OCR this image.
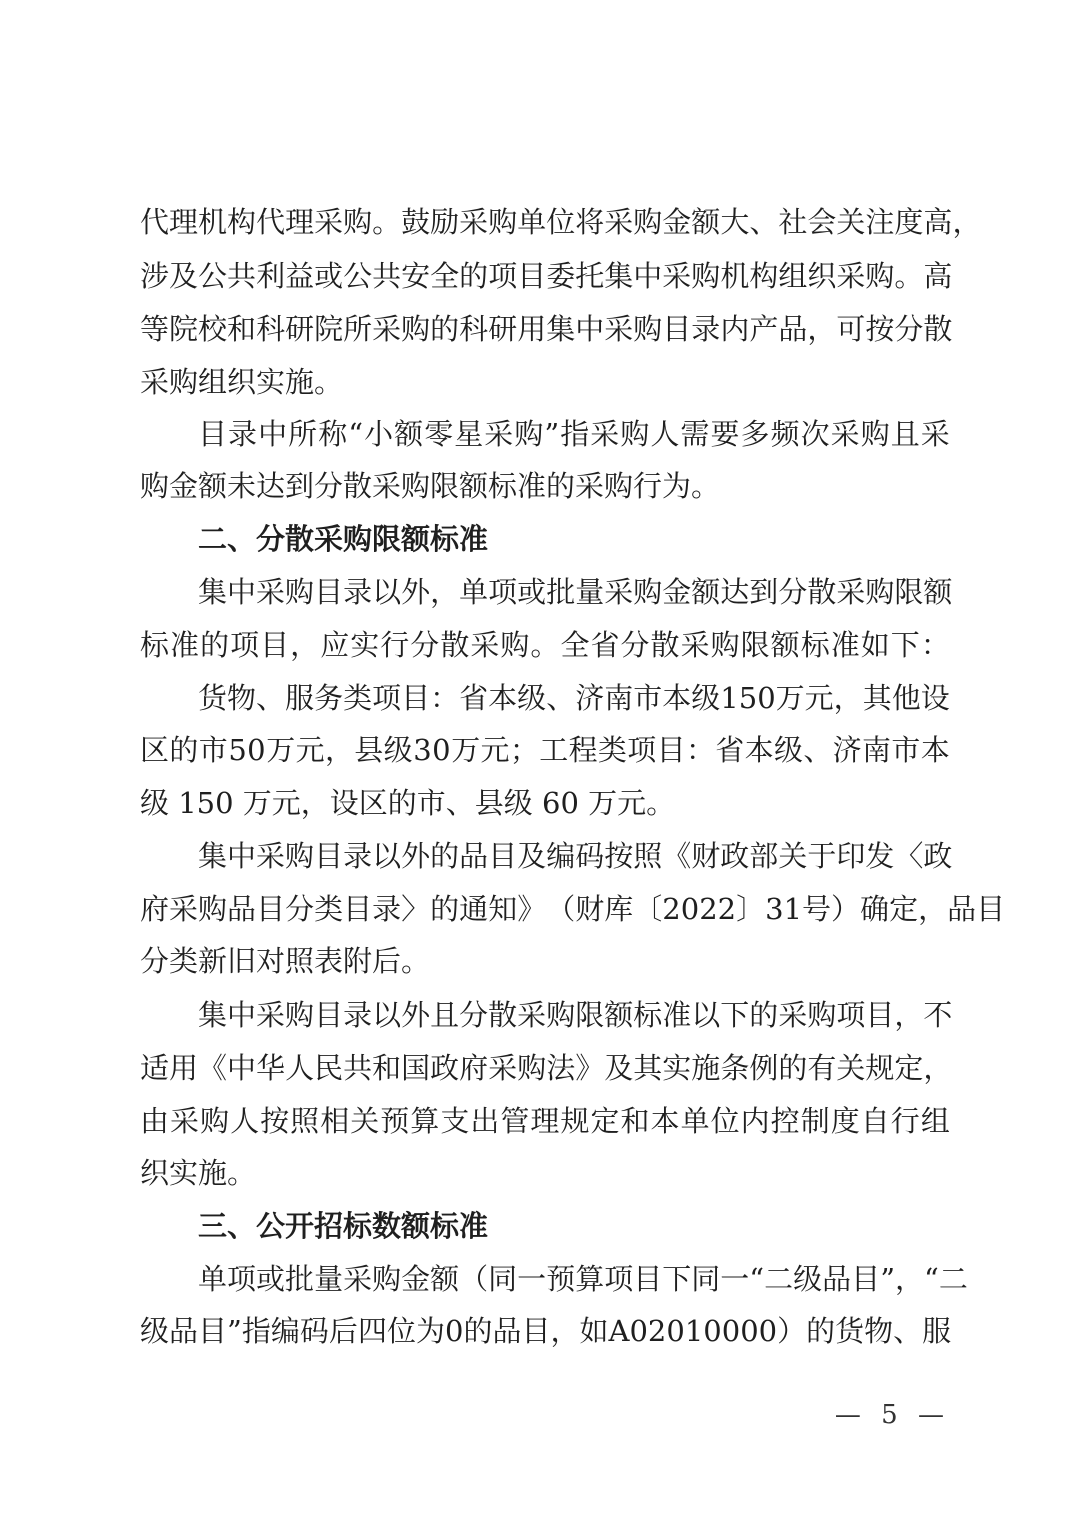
代 理 机 构 代 理 采 购 。 鼓 励 采 购 单 位 将 采 购 金 额 大 、 社 会 关 注 度 高 ，
涉 及 公 共 利 益 或 公 共 安 全 的 项 目 委 托 集 中 采 购 机 构 组 织 采 购 。 高
等 院 校 和 科 研 院 所 采 购 的 科 研 用 集 中 采 购 目 录 内 产 品 ， 可 按 分 散
采购组织实施。
目 录 中 所 称 “ 小 额 零 星 采 购 ” 指 采 购 人 需 要 多 频 次 采 购 且 采
购金额未达到分散采购限额标准的采购行为。
二、分散采购限额标准
集 中 采 购 目 录 以 外 ， 单 项 或 批 量 采 购 金 额 达 到 分 散 采 购 限 额
标 准 的 项 目 ， 应 实 行 分 散 采 购 。 全 省 分 散 采 购 限 额 标 准 如 下 ：
货 物 、 服 务 类 项 目 ： 省 本 级 、 济 南 市 本 级 1 5 0 万 元 ， 其 他 设
区 的 市 5 0 万 元 ， 县 级 3 0 万 元 ； 工 程 类 项 目 ： 省 本 级 、 济 南 市 本
级 150 万元，设区的市、县级 60 万元。
集 中 采 购 目 录 以 外 的 品 目 及 编 码 按 照 《 财 政 部 关 于 印 发 〈 政
府 采 购 品 目 分 类 目 录 〉 的 通 知 》 （ 财 库 〔 2 0 2 2 〕 3 1 号 ） 确 定 ， 品 目
分类新旧对照表附后。
集 中 采 购 目 录 以 外 且 分 散 采 购 限 额 标 准 以 下 的 采 购 项 目 ， 不
适 用 《 中 华 人 民 共 和 国 政 府 采 购 法 》 及 其 实 施 条 例 的 有 关 规 定 ，
由 采 购 人 按 照 相 关 预 算 支 出 管 理 规 定 和 本 单 位 内 控 制 度 自 行 组
织实施。
三、公开招标数额标准
单 项 或 批 量 采 购 金 额 （ 同 一 预 算 项 目 下 同 一 “ 二 级 品 目 ” ， “ 二
级 品 目 ” 指 编 码 后 四 位 为 0 的 品 目 ， 如 A 0 2 0 1 0 0 0 0 ） 的 货 物 、 服
— 5 —
